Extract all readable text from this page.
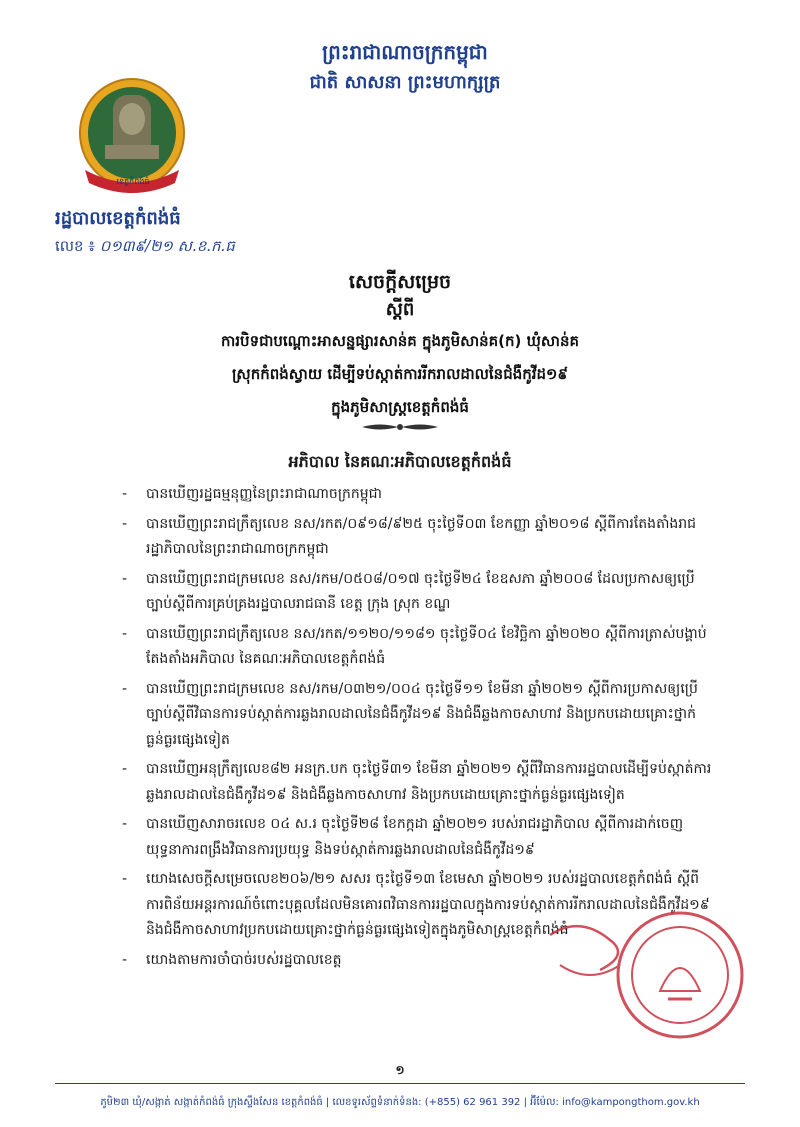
ព្រះរាជាណាចក្រកម្ពុជា
ជាតិ សាសនា ព្រះមហាក្សត្រ
ខេត្តកំពង់ធំ
រដ្ឋបាលខេត្តកំពង់ធំ
លេខ ៖ ០១៣៩/២១ ស.ខ.ក.ធ
សេចក្តីសម្រេច
ស្តីពី
ការបិទជាបណ្តោះអាសន្នផ្សារសាន់គ ក្នុងភូមិសាន់គ(ក) ឃុំសាន់គ
ស្រុកកំពង់ស្វាយ ដើម្បីទប់ស្កាត់ការរីករាលដាលនៃជំងឺកូវីដ១៩
ក្នុងភូមិសាស្ត្រខេត្តកំពង់ធំ
អភិបាល នៃគណៈអភិបាលខេត្តកំពង់ធំ
- បានឃើញរដ្ឋធម្មនុញ្ញនៃព្រះរាជាណាចក្រកម្ពុជា
- បានឃើញព្រះរាជក្រឹត្យលេខ នស/រកត/០៩១៨/៩២៥ ចុះថ្ងៃទី០៣ ខែកញ្ញា ឆ្នាំ២០១៨ ស្តីពីការតែងតាំងរាជរដ្ឋាភិបាលនៃព្រះរាជាណាចក្រកម្ពុជា
- បានឃើញព្រះរាជក្រមលេខ នស/រកម/០៥០៨/០១៧ ចុះថ្ងៃទី២៤ ខែឧសភា ឆ្នាំ២០០៨ ដែលប្រកាសឲ្យប្រើច្បាប់ស្តីពីការគ្រប់គ្រងរដ្ឋបាលរាជធានី ខេត្ត ក្រុង ស្រុក ខណ្ឌ
- បានឃើញព្រះរាជក្រឹត្យលេខ នស/រកត/១១២០/១១៨១ ចុះថ្ងៃទី០៤ ខែវិច្ឆិកា ឆ្នាំ២០២០ ស្តីពីការត្រាស់បង្គាប់តែងតាំងអភិបាល នៃគណៈអភិបាលខេត្តកំពង់ធំ
- បានឃើញព្រះរាជក្រមលេខ នស/រកម/០៣២១/០០៤ ចុះថ្ងៃទី១១ ខែមីនា ឆ្នាំ២០២១ ស្តីពីការប្រកាសឲ្យប្រើច្បាប់ស្តីពីវិធានការទប់ស្កាត់ការឆ្លងរាលដាលនៃជំងឺកូវីដ១៩ និងជំងឺឆ្លងកាចសាហាវ និងប្រកបដោយគ្រោះថ្នាក់ធ្ងន់ធ្ងរផ្សេងទៀត
- បានឃើញអនុក្រឹត្យលេខ៨២ អនក្រ.បក ចុះថ្ងៃទី៣១ ខែមីនា ឆ្នាំ២០២១ ស្តីពីវិធានការរដ្ឋបាលដើម្បីទប់ស្កាត់ការឆ្លងរាលដាលនៃជំងឺកូវីដ១៩ និងជំងឺឆ្លងកាចសាហាវ និងប្រកបដោយគ្រោះថ្នាក់ធ្ងន់ធ្ងរផ្សេងទៀត
- បានឃើញសារាចរលេខ ០៤ ស.រ ចុះថ្ងៃទី២៨ ខែកក្កដា ឆ្នាំ២០២១ របស់រាជរដ្ឋាភិបាល ស្តីពីការដាក់ចេញយុទ្ធនាការពង្រឹងវិធានការប្រយុទ្ធ និងទប់ស្កាត់ការឆ្លងរាលដាលនៃជំងឺកូវីដ១៩
- យោងសេចក្តីសម្រេចលេខ២០៦/២១ សសរ ចុះថ្ងៃទី១៣ ខែមេសា ឆ្នាំ២០២១ របស់រដ្ឋបាលខេត្តកំពង់ធំ ស្តីពីការពិន័យអន្តរការណ៍ចំពោះបុគ្គលដែលមិនគោរពវិធានការរដ្ឋបាលក្នុងការទប់ស្កាត់ការរីករាលដាលនៃជំងឺកូវីដ១៩ និងជំងឺកាចសាហាវប្រកបដោយគ្រោះថ្នាក់ធ្ងន់ធ្ងរផ្សេងទៀតក្នុងភូមិសាស្ត្រខេត្តកំពង់ធំ
- យោងតាមការចាំបាច់របស់រដ្ឋបាលខេត្ត
១
ភូមិ២៣ ឃុំ/សង្កាត់ សង្កាត់កំពង់ធំ ក្រុងស្ទឹងសែន ខេត្តកំពង់ធំ | លេខទូរស័ព្ទទំនាក់ទំនង: (+855) 62 961 392 | អ៊ីម៉ែល: info@kampongthom.gov.kh
